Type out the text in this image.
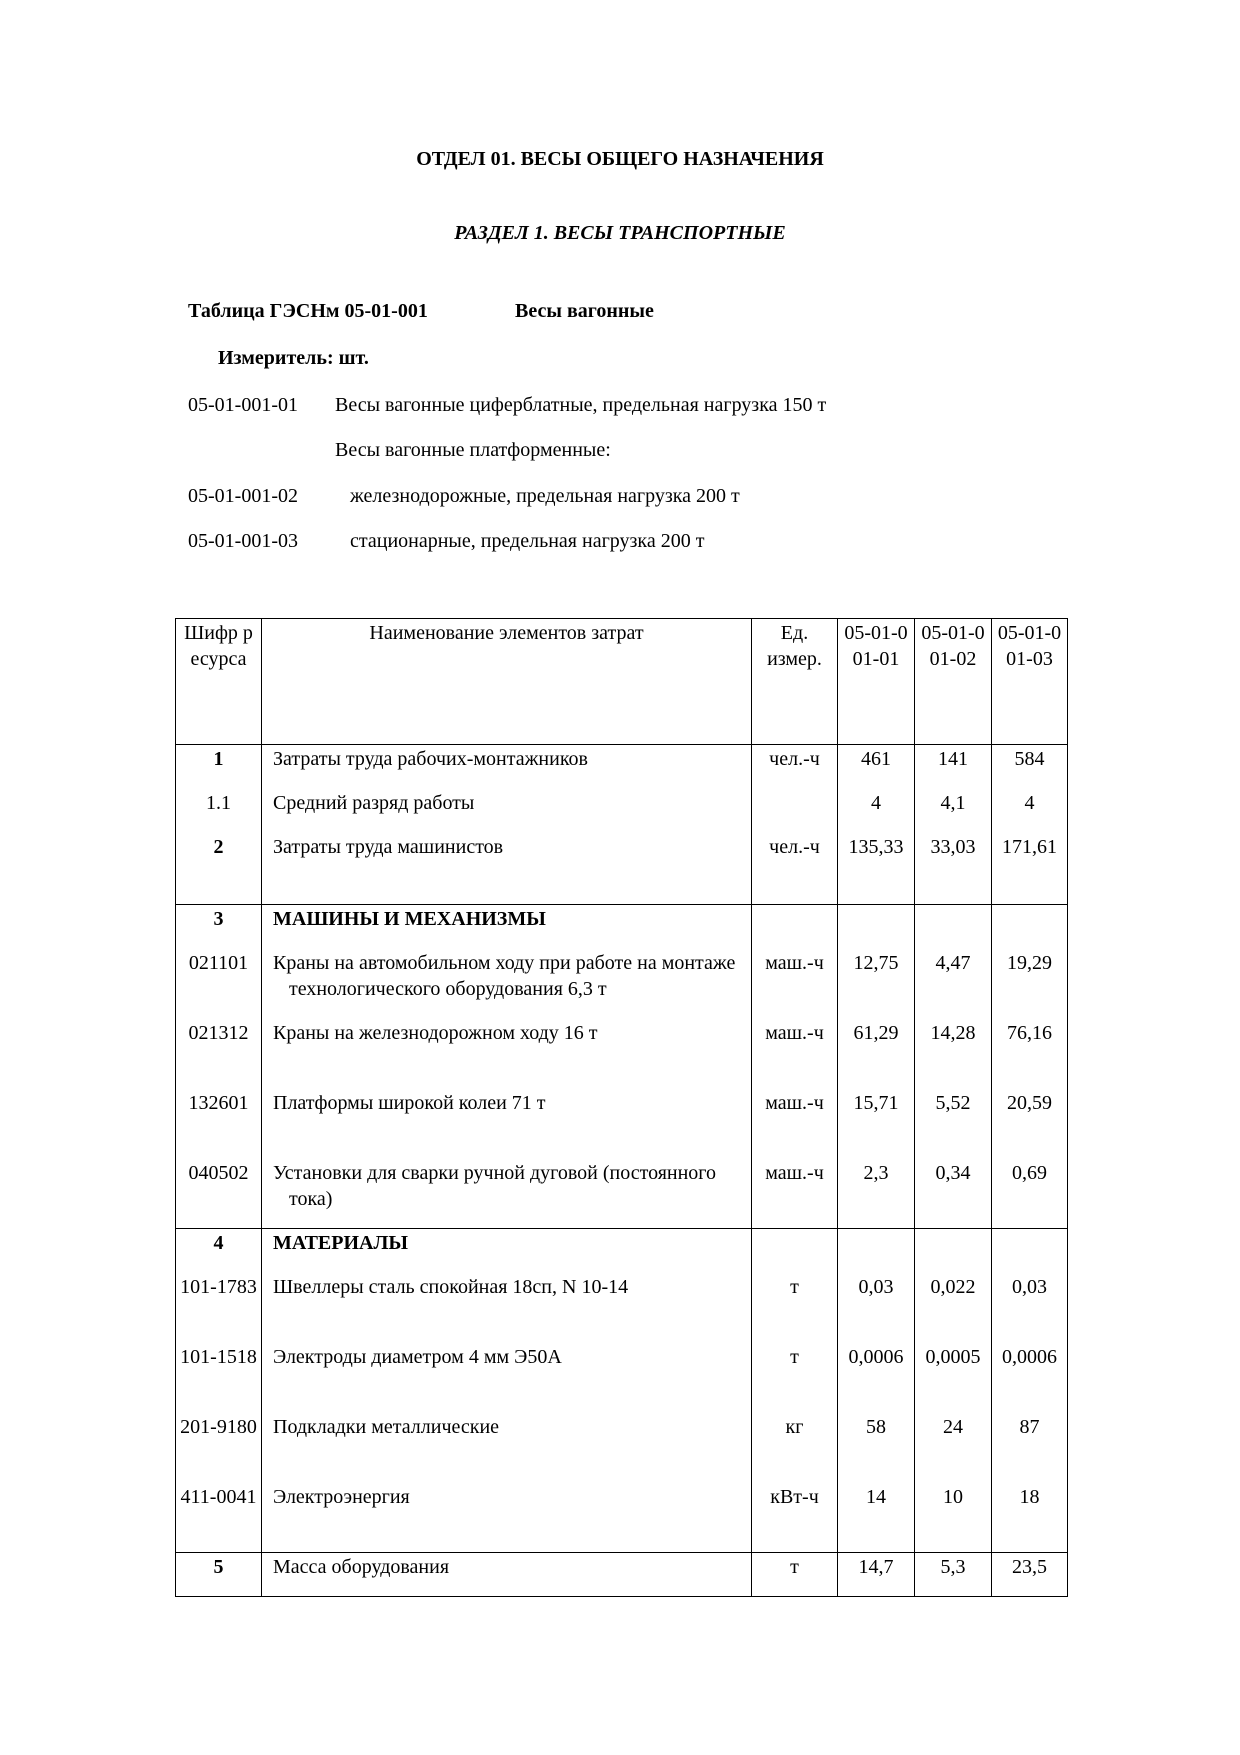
ОТДЕЛ 01. ВЕСЫ ОБЩЕГО НАЗНАЧЕНИЯ
РАЗДЕЛ 1. ВЕСЫ ТРАНСПОРТНЫЕ
Таблица ГЭСНм 05-01-001	Весы вагонные
Измеритель: шт.
05-01-001-01 Весы вагонные циферблатные, предельная нагрузка 150 т
Весы вагонные платформенные:
05-01-001-02	железнодорожные, предельная нагрузка 200 т
05-01-001-03	стационарные, предельная нагрузка 200 т
Шифр ресурса	Наименование элементов затрат	Ед. измер.	05-01-001-01	05-01-001-02	05-01-001-03
1	Затраты труда рабочих-монтажников	чел.-ч	461	141	584
1.1	Средний разряд работы		4	4,1	4
2	Затраты труда машинистов	чел.-ч	135,33	33,03	171,61
3	МАШИНЫ И МЕХАНИЗМЫ				
021101	Краны на автомобильном ходу при работе на монтаже технологического оборудования 6,3 т	маш.-ч	12,75	4,47	19,29
021312	Краны на железнодорожном ходу 16 т	маш.-ч	61,29	14,28	76,16
132601	Платформы широкой колеи 71 т	маш.-ч	15,71	5,52	20,59
040502	Установки для сварки ручной дуговой (постоянного тока)	маш.-ч	2,3	0,34	0,69
4	МАТЕРИАЛЫ				
101-1783	Швеллеры сталь спокойная 18сп, N 10-14	т	0,03	0,022	0,03
101-1518	Электроды диаметром 4 мм Э50А	т	0,0006	0,0005	0,0006
201-9180	Подкладки металлические	кг	58	24	87
411-0041	Электроэнергия	кВт-ч	14	10	18
5	Масса оборудования	т	14,7	5,3	23,5
